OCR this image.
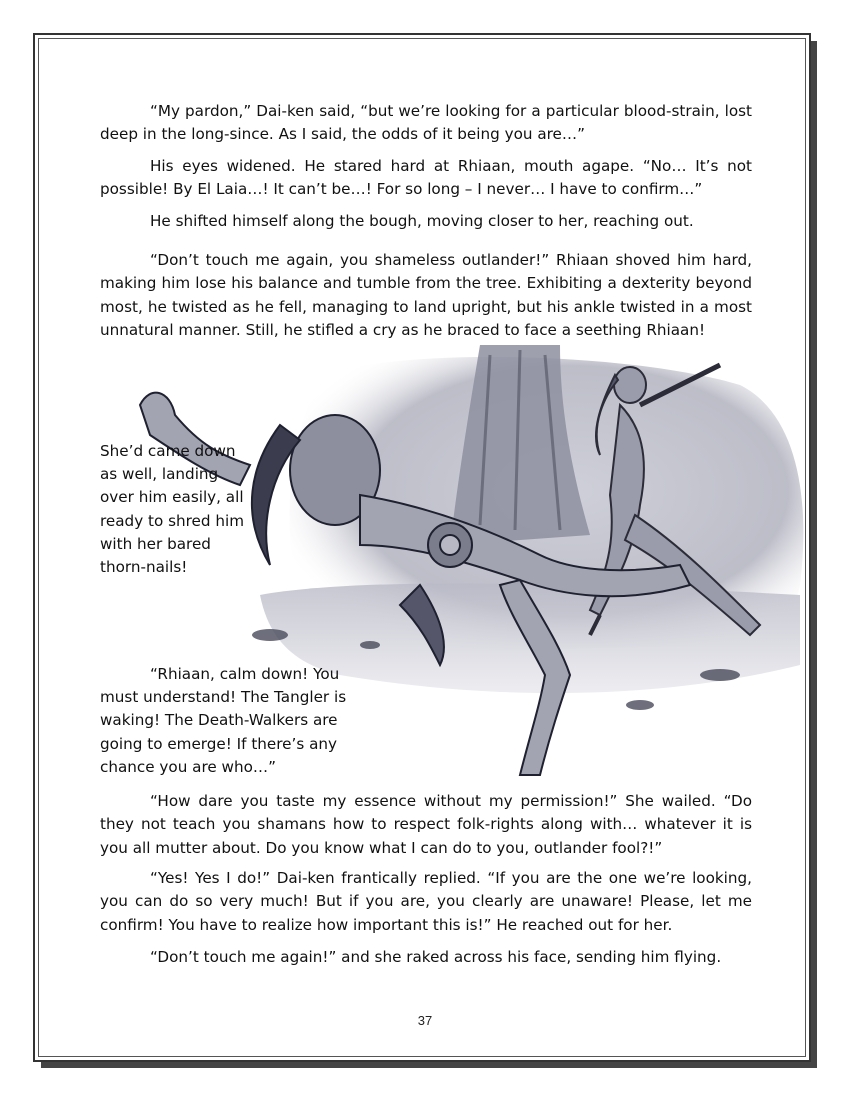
“My pardon,” Dai-ken said, “but we’re looking for a particular blood-strain, lost deep in the long-since. As I said, the odds of it being you are…”

His eyes widened. He stared hard at Rhiaan, mouth agape. “No… It’s not possible! By El Laia…! It can’t be…! For so long – I never… I have to confirm…”

He shifted himself along the bough, moving closer to her, reaching out.

“Don’t touch me again, you shameless outlander!” Rhiaan shoved him hard, making him lose his balance and tumble from the tree. Exhibiting a dexterity beyond most, he twisted as he fell, managing to land upright, but his ankle twisted in a most unnatural manner. Still, he stifled a cry as he braced to face a seething Rhiaan!

She’d came down as well, landing over him easily, all ready to shred him with her bared thorn-nails!

“Rhiaan, calm down! You must understand! The Tangler is waking! The Death-Walkers are going to emerge! If there’s any chance you are who…”

“How dare you taste my essence without my permission!” She wailed. “Do they not teach you shamans how to respect folk-rights along with… whatever it is you all mutter about. Do you know what I can do to you, outlander fool?!”

“Yes! Yes I do!” Dai-ken frantically replied. “If you are the one we’re looking, you can do so very much! But if you are, you clearly are unaware! Please, let me confirm! You have to realize how important this is!” He reached out for her.

“Don’t touch me again!” and she raked across his face, sending him flying.

37
